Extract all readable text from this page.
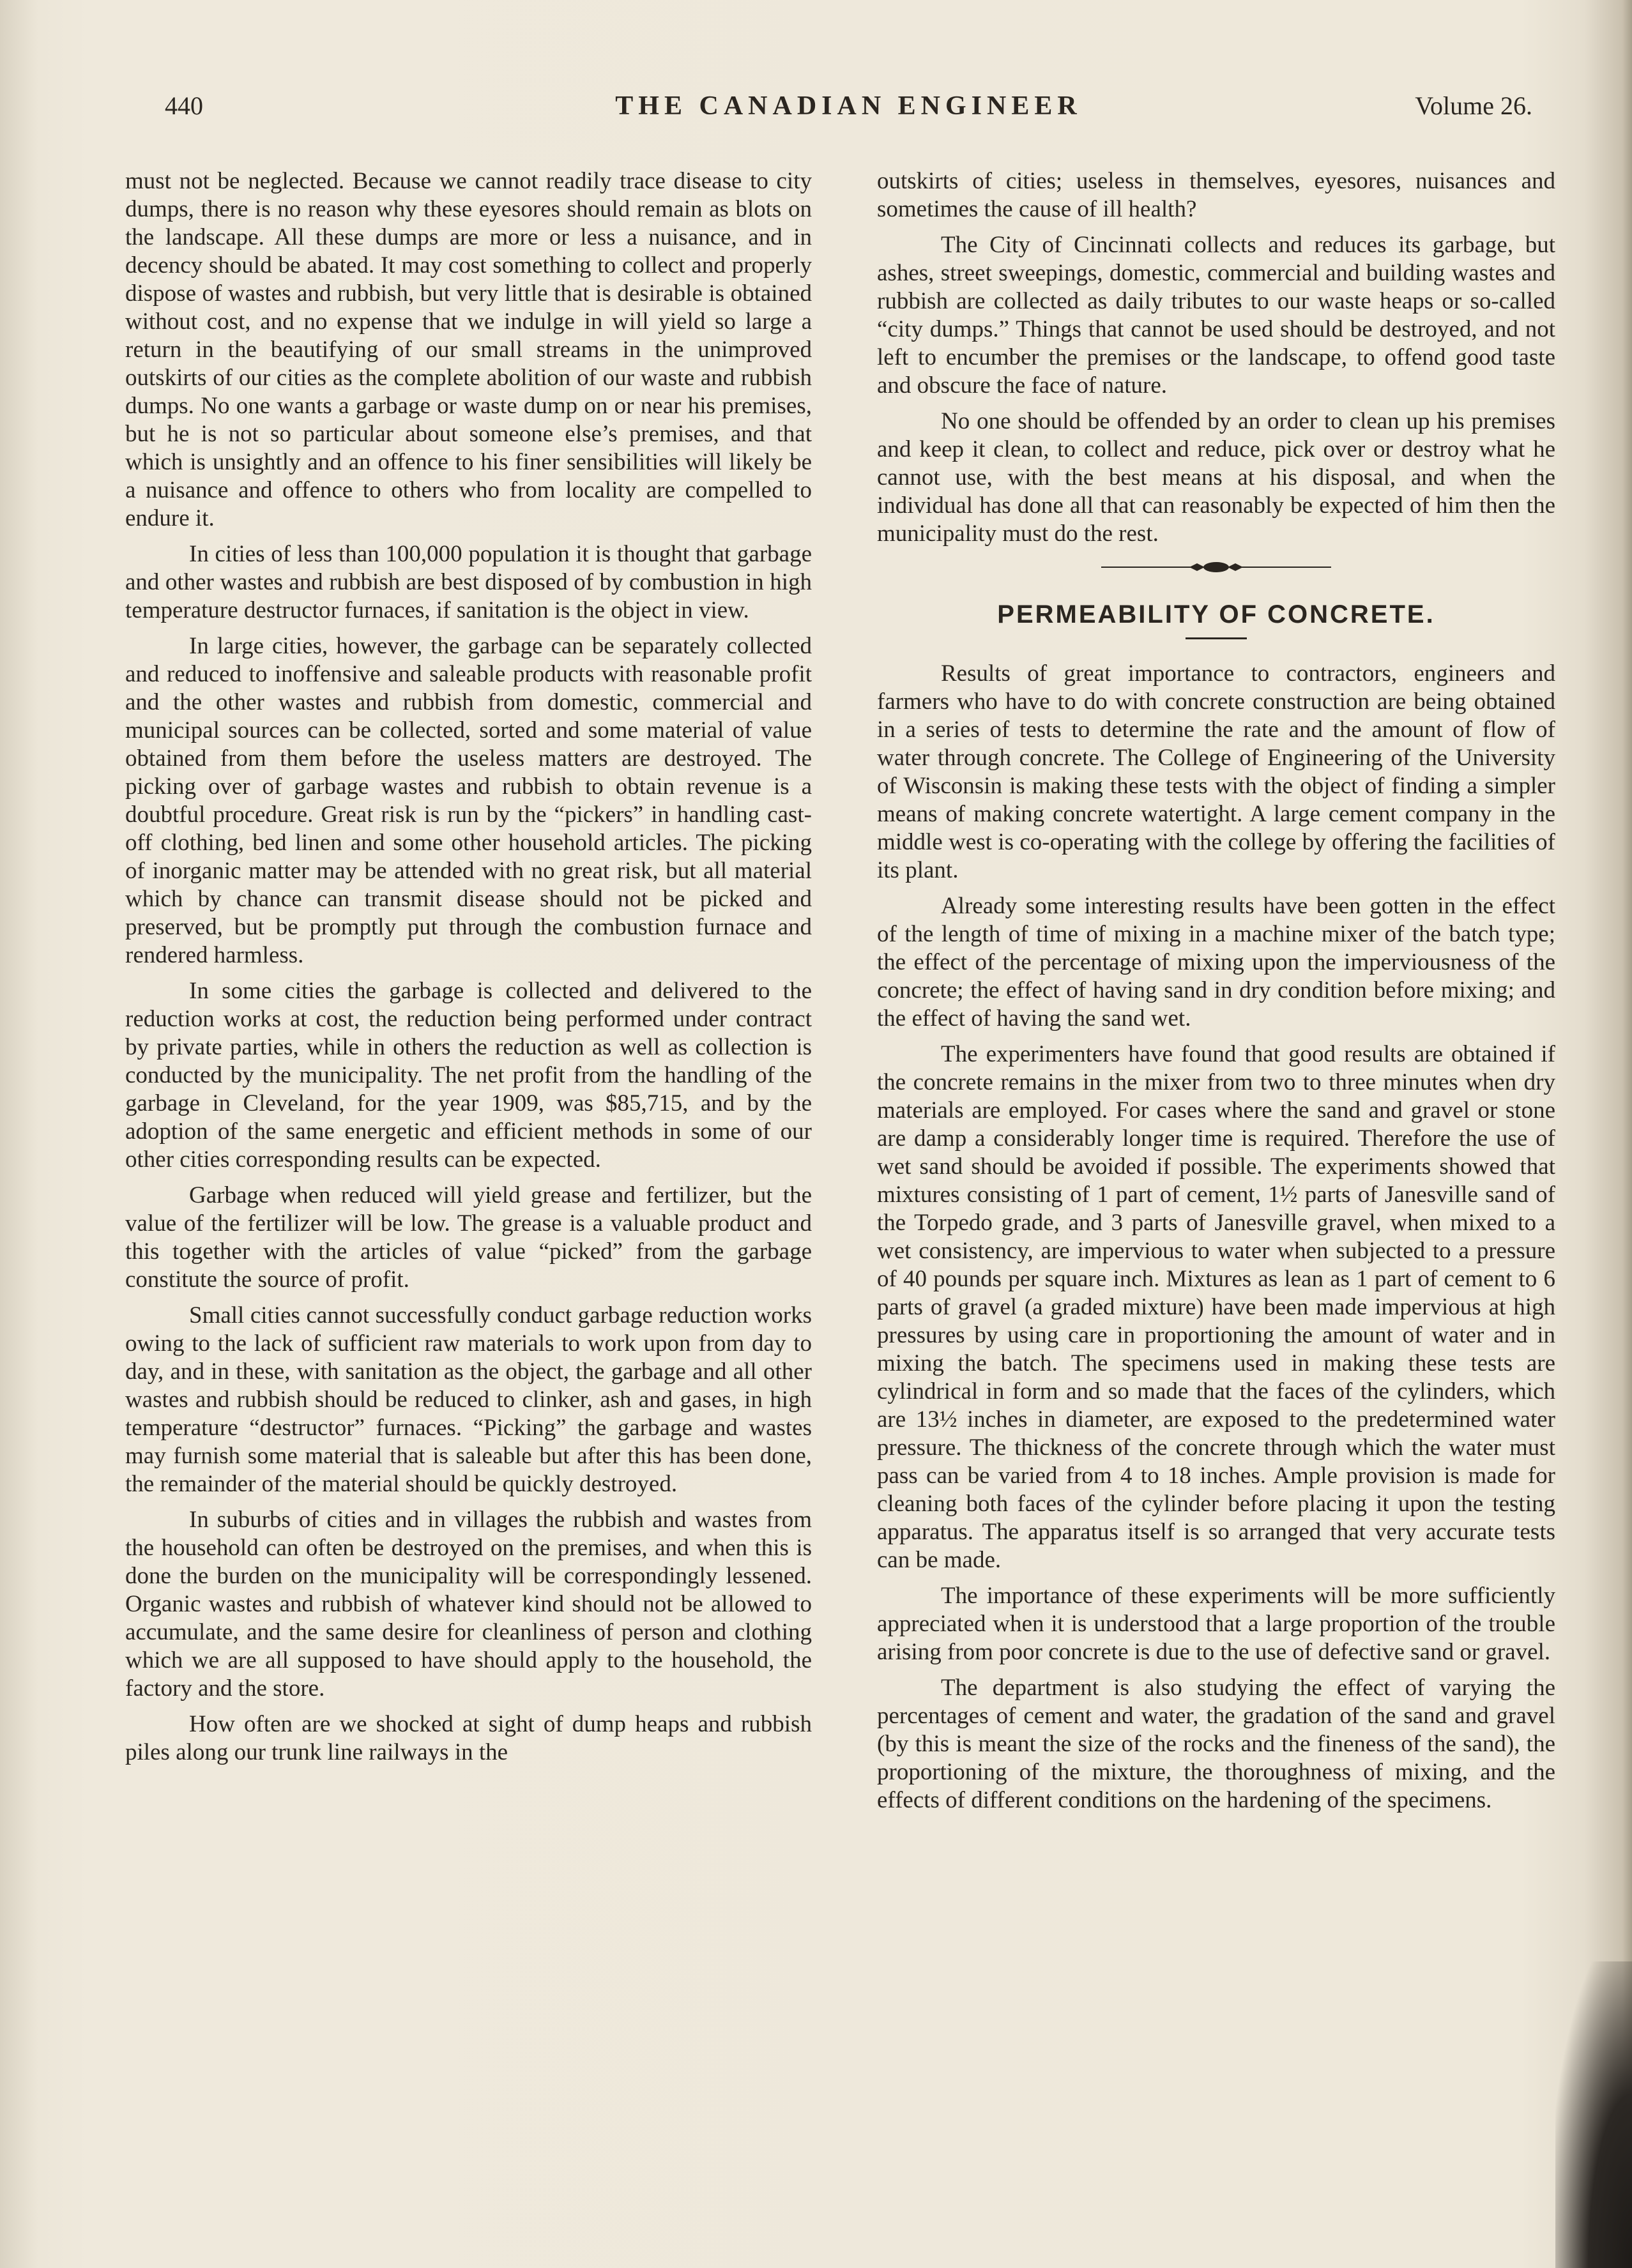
440	THE CANADIAN ENGINEER	Volume 26.

must not be neglected. Because we cannot readily trace disease to city dumps, there is no reason why these eyesores should remain as blots on the landscape. All these dumps are more or less a nuisance, and in decency should be abated. It may cost something to collect and properly dispose of wastes and rubbish, but very little that is desirable is obtained without cost, and no expense that we indulge in will yield so large a return in the beautifying of our small streams in the unimproved outskirts of our cities as the complete abolition of our waste and rubbish dumps. No one wants a garbage or waste dump on or near his premises, but he is not so particular about someone else’s premises, and that which is unsightly and an offence to his finer sensibilities will likely be a nuisance and offence to others who from locality are compelled to endure it.

In cities of less than 100,000 population it is thought that garbage and other wastes and rubbish are best disposed of by combustion in high temperature destructor furnaces, if sanitation is the object in view.

In large cities, however, the garbage can be separately collected and reduced to inoffensive and saleable products with reasonable profit and the other wastes and rubbish from domestic, commercial and municipal sources can be collected, sorted and some material of value obtained from them before the useless matters are destroyed. The picking over of garbage wastes and rubbish to obtain revenue is a doubtful procedure. Great risk is run by the “pickers” in handling cast-off clothing, bed linen and some other household articles. The picking of inorganic matter may be attended with no great risk, but all material which by chance can transmit disease should not be picked and preserved, but be promptly put through the combustion furnace and rendered harmless.

In some cities the garbage is collected and delivered to the reduction works at cost, the reduction being performed under contract by private parties, while in others the reduction as well as collection is conducted by the municipality. The net profit from the handling of the garbage in Cleveland, for the year 1909, was $85,715, and by the adoption of the same energetic and efficient methods in some of our other cities corresponding results can be expected.

Garbage when reduced will yield grease and fertilizer, but the value of the fertilizer will be low. The grease is a valuable product and this together with the articles of value “picked” from the garbage constitute the source of profit.

Small cities cannot successfully conduct garbage reduction works owing to the lack of sufficient raw materials to work upon from day to day, and in these, with sanitation as the object, the garbage and all other wastes and rubbish should be reduced to clinker, ash and gases, in high temperature “destructor” furnaces. “Picking” the garbage and wastes may furnish some material that is saleable but after this has been done, the remainder of the material should be quickly destroyed.

In suburbs of cities and in villages the rubbish and wastes from the household can often be destroyed on the premises, and when this is done the burden on the municipality will be correspondingly lessened. Organic wastes and rubbish of whatever kind should not be allowed to accumulate, and the same desire for cleanliness of person and clothing which we are all supposed to have should apply to the household, the factory and the store.

How often are we shocked at sight of dump heaps and rubbish piles along our trunk line railways in the

outskirts of cities; useless in themselves, eyesores, nuisances and sometimes the cause of ill health?

The City of Cincinnati collects and reduces its garbage, but ashes, street sweepings, domestic, commercial and building wastes and rubbish are collected as daily tributes to our waste heaps or so-called “city dumps.” Things that cannot be used should be destroyed, and not left to encumber the premises or the landscape, to offend good taste and obscure the face of nature.

No one should be offended by an order to clean up his premises and keep it clean, to collect and reduce, pick over or destroy what he cannot use, with the best means at his disposal, and when the individual has done all that can reasonably be expected of him then the municipality must do the rest.

PERMEABILITY OF CONCRETE.

Results of great importance to contractors, engineers and farmers who have to do with concrete construction are being obtained in a series of tests to determine the rate and the amount of flow of water through concrete. The College of Engineering of the University of Wisconsin is making these tests with the object of finding a simpler means of making concrete watertight. A large cement company in the middle west is co-operating with the college by offering the facilities of its plant.

Already some interesting results have been gotten in the effect of the length of time of mixing in a machine mixer of the batch type; the effect of the percentage of mixing upon the imperviousness of the concrete; the effect of having sand in dry condition before mixing; and the effect of having the sand wet.

The experimenters have found that good results are obtained if the concrete remains in the mixer from two to three minutes when dry materials are employed. For cases where the sand and gravel or stone are damp a considerably longer time is required. Therefore the use of wet sand should be avoided if possible. The experiments showed that mixtures consisting of 1 part of cement, 1½ parts of Janesville sand of the Torpedo grade, and 3 parts of Janesville gravel, when mixed to a wet consistency, are impervious to water when subjected to a pressure of 40 pounds per square inch. Mixtures as lean as 1 part of cement to 6 parts of gravel (a graded mixture) have been made impervious at high pressures by using care in proportioning the amount of water and in mixing the batch. The specimens used in making these tests are cylindrical in form and so made that the faces of the cylinders, which are 13½ inches in diameter, are exposed to the predetermined water pressure. The thickness of the concrete through which the water must pass can be varied from 4 to 18 inches. Ample provision is made for cleaning both faces of the cylinder before placing it upon the testing apparatus. The apparatus itself is so arranged that very accurate tests can be made.

The importance of these experiments will be more sufficiently appreciated when it is understood that a large proportion of the trouble arising from poor concrete is due to the use of defective sand or gravel.

The department is also studying the effect of varying the percentages of cement and water, the gradation of the sand and gravel (by this is meant the size of the rocks and the fineness of the sand), the proportioning of the mixture, the thoroughness of mixing, and the effects of different conditions on the hardening of the specimens.
